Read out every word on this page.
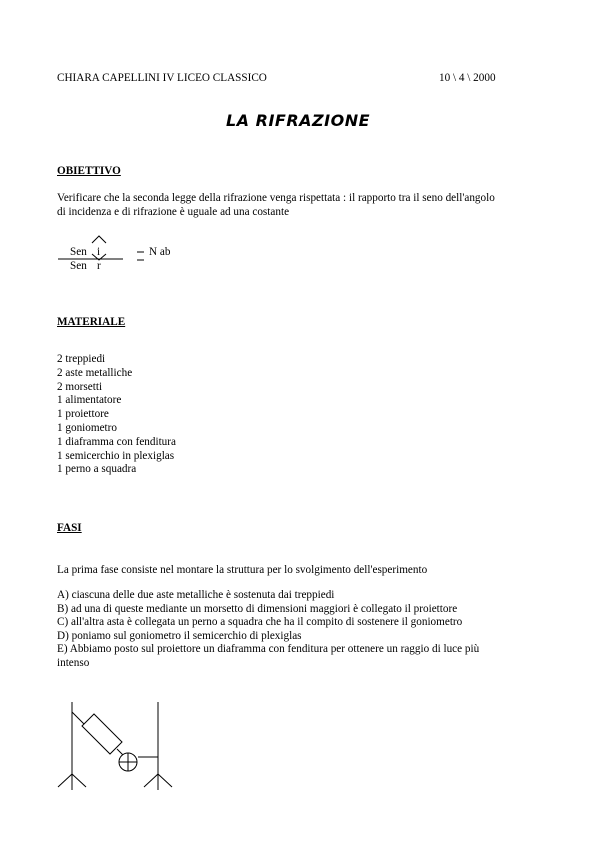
CHIARA CAPELLINI IV LICEO CLASSICO	10 \ 4 \ 2000
LA RIFRAZIONE
OBIETTIVO
Verificare che la seconda legge della rifrazione venga rispettata : il rapporto tra il seno dell'angolo
di incidenza e di rifrazione è uguale ad una costante
Sen i
Sen r
N ab
MATERIALE
2 treppiedi
2 aste metalliche
2 morsetti
1 alimentatore
1 proiettore
1 goniometro
1 diaframma con fenditura
1 semicerchio in plexiglas
1 perno a squadra
FASI
La prima fase consiste nel montare la struttura per lo svolgimento dell'esperimento
A) ciascuna delle due aste metalliche è sostenuta dai treppiedi
B) ad una di queste mediante un morsetto di dimensioni maggiori è collegato il proiettore
C) all'altra asta è collegata un perno a squadra che ha il compito di sostenere il goniometro
D) poniamo sul goniometro il semicerchio di plexiglas
E) Abbiamo posto sul proiettore un diaframma con fenditura per ottenere un raggio di luce più
intenso
